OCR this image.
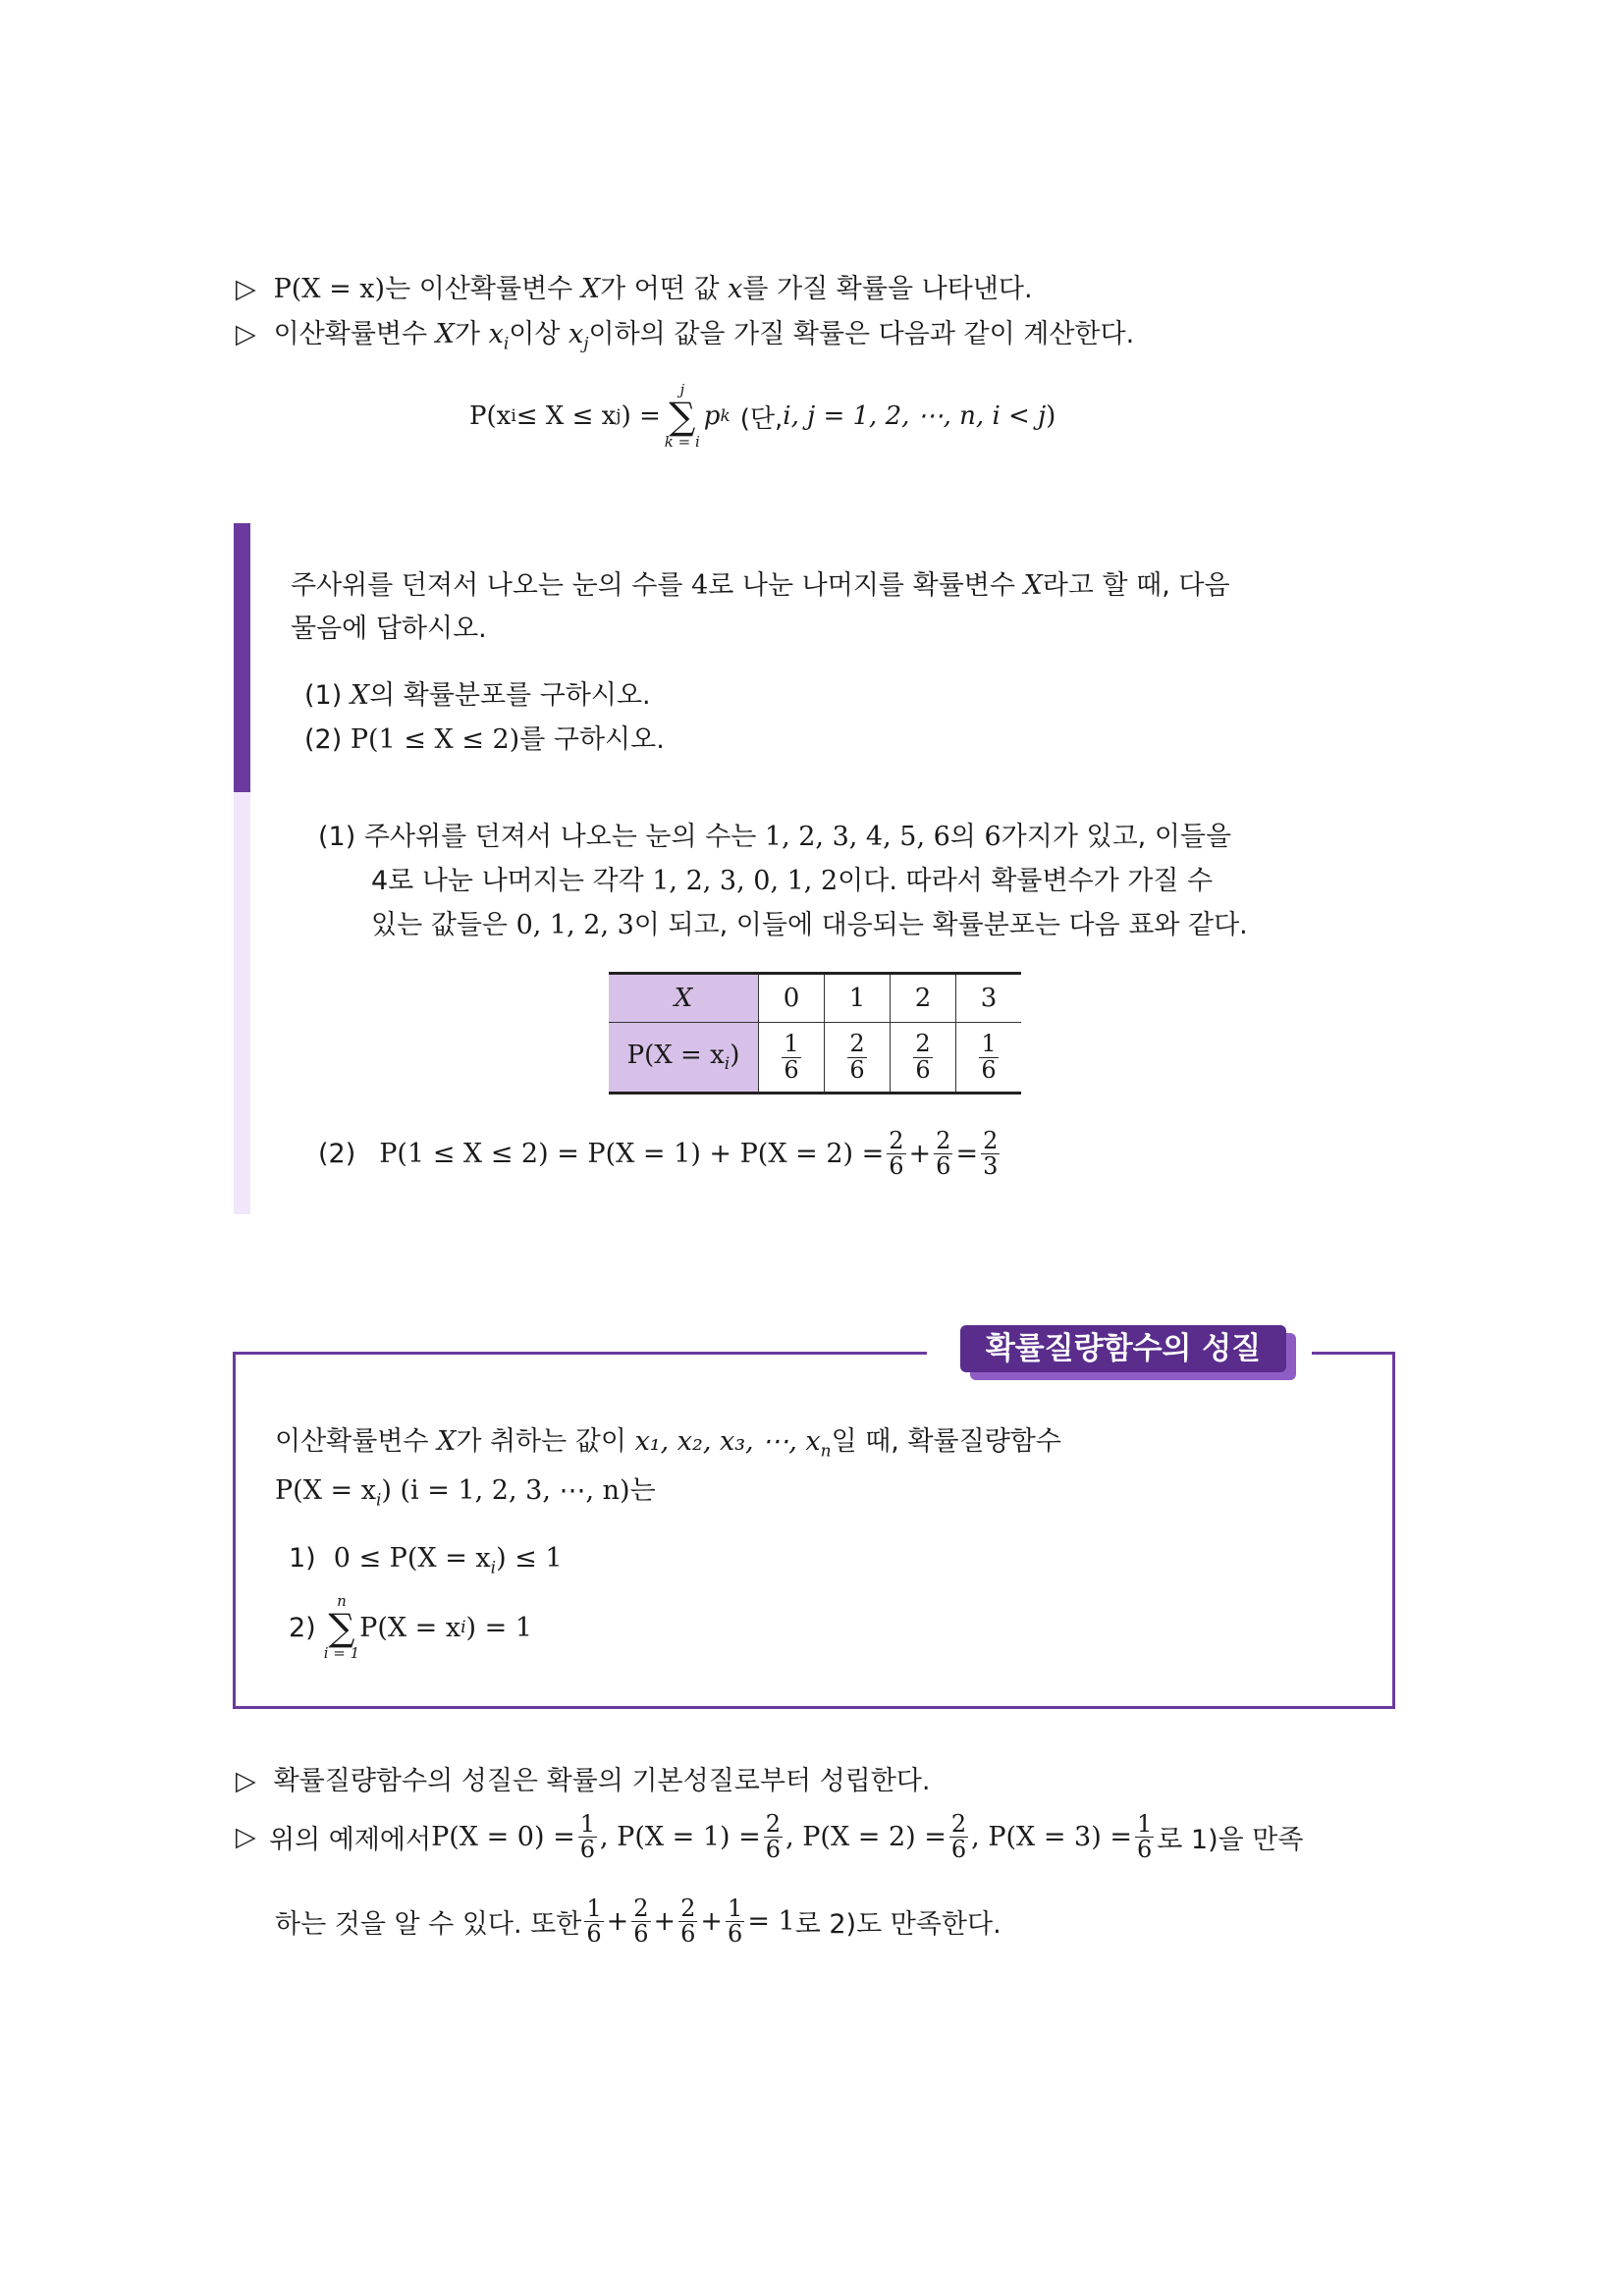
▷ P(X = x)는 이산확률변수 X가 어떤 값 x를 가질 확률을 나타낸다.
▷ 이산확률변수 X가 $x_i$이상 $x_j$이하의 값을 가질 확률은 다음과 같이 계산한다.
P(x i ≤ X ≤ x j ) =
j
∑
k = i
p k (단, i, j = 1, 2, ⋯, n, i < j )
주사위를 던져서 나오는 눈의 수를 4로 나눈 나머지를 확률변수 X라고 할 때, 다음
물음에 답하시오.
(1) X의 확률분포를 구하시오.
(2) P(1 ≤ X ≤ 2)를 구하시오.
(1) 주사위를 던져서 나오는 눈의 수는 1, 2, 3, 4, 5, 6의 6가지가 있고, 이들을
4로 나눈 나머지는 각각 1, 2, 3, 0, 1, 2이다. 따라서 확률변수가 가질 수
있는 값들은 0, 1, 2, 3이 되고, 이들에 대응되는 확률분포는 다음 표와 같다.
X	0	1	2	3
$P(X = x_i)$	$\frac{1}{6}$	$\frac{2}{6}$	$\frac{2}{6}$	$\frac{1}{6}$
(2) $P(1 \le X \le 2) = P(X = 1) + P(X = 2) = \frac{2}{6} + \frac{2}{6} = \frac{2}{3}$
확률질량함수의 성질
이산확률변수 X가 취하는 값이 x₁, x₂, x₃, ⋯, $x_n$일 때, 확률질량함수
$P(X = x_i)$ (i = 1, 2, 3, ⋯, n)는
1) $0 \le P(X = x_i) \le 1$
2)
n
∑
i = 1
P(X = x i ) = 1
▷ 확률질량함수의 성질은 확률의 기본성질로부터 성립한다.
▷ 위의 예제에서 $P(X = 0) = \frac{1}{6}$ , $P(X = 1) = \frac{2}{6}$ , $P(X = 2) = \frac{2}{6}$ , $P(X = 3) = \frac{1}{6}$ 로 1)을 만족
하는 것을 알 수 있다. 또한 $\frac{1}{6} + \frac{2}{6} + \frac{2}{6} + \frac{1}{6} = 1$ 로 2)도 만족한다.
